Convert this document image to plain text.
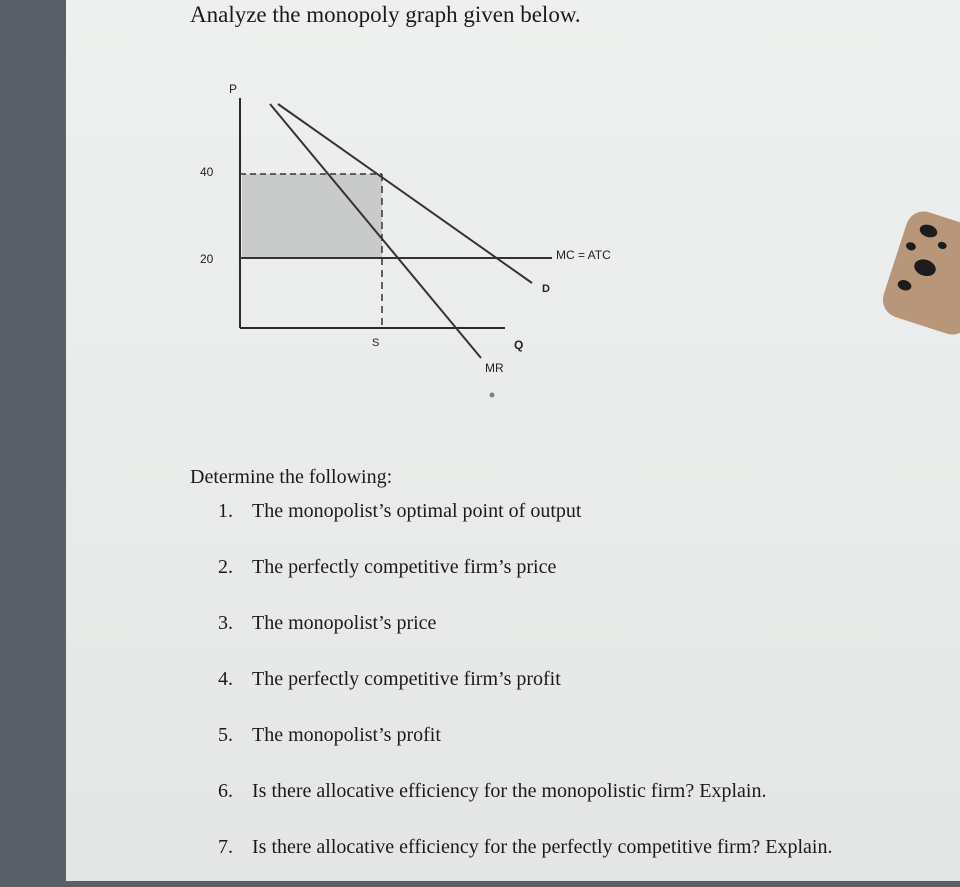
Analyze the monopoly graph given below.
P
40
20
S	Q
MC = ATC
D
MR

Determine the following:

1. The monopolist’s optimal point of output
2. The perfectly competitive firm’s price
3. The monopolist’s price
4. The perfectly competitive firm’s profit
5. The monopolist’s profit
6. Is there allocative efficiency for the monopolistic firm? Explain.
7. Is there allocative efficiency for the perfectly competitive firm? Explain.
